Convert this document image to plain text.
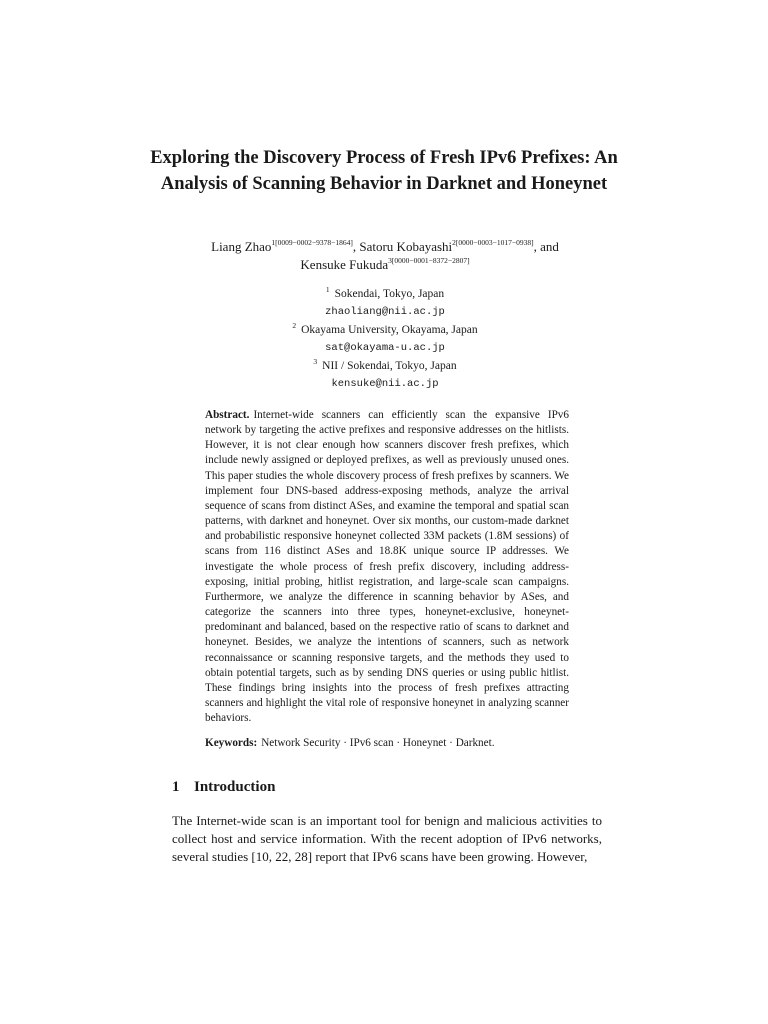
Exploring the Discovery Process of Fresh IPv6 Prefixes: An Analysis of Scanning Behavior in Darknet and Honeynet
Liang Zhao$^{1[0009-0002-9378-1864]}$, Satoru Kobayashi$^{2[0000-0003-1017-0938]}$, and
Kensuke Fukuda$^{3[0000-0001-8372-2807]}$
$^1$ Sokendai, Tokyo, Japan
zhaoliang@nii.ac.jp
$^2$ Okayama University, Okayama, Japan
sat@okayama-u.ac.jp
$^3$ NII / Sokendai, Tokyo, Japan
kensuke@nii.ac.jp
Abstract. Internet-wide scanners can efficiently scan the expansive IPv6 network by targeting the active prefixes and responsive addresses on the hitlists. However, it is not clear enough how scanners discover fresh prefixes, which include newly assigned or deployed prefixes, as well as previously unused ones. This paper studies the whole discovery process of fresh prefixes by scanners. We implement four DNS-based address-exposing methods, analyze the arrival sequence of scans from distinct ASes, and examine the temporal and spatial scan patterns, with darknet and honeynet. Over six months, our custom-made darknet and probabilistic responsive honeynet collected 33M packets (1.8M sessions) of scans from 116 distinct ASes and 18.8K unique source IP addresses. We investigate the whole process of fresh prefix discovery, including address-exposing, initial probing, hitlist registration, and large-scale scan campaigns. Furthermore, we analyze the difference in scanning behavior by ASes, and categorize the scanners into three types, honeynet-exclusive, honeynet-predominant and balanced, based on the respective ratio of scans to darknet and honeynet. Besides, we analyze the intentions of scanners, such as network reconnaissance or scanning responsive targets, and the methods they used to obtain potential targets, such as by sending DNS queries or using public hitlist. These findings bring insights into the process of fresh prefixes attracting scanners and highlight the vital role of responsive honeynet in analyzing scanner behaviors.
Keywords: Network Security · IPv6 scan · Honeynet · Darknet.
1 Introduction
The Internet-wide scan is an important tool for benign and malicious activities to collect host and service information. With the recent adoption of IPv6 networks, several studies [10, 22, 28] report that IPv6 scans have been growing. However,
